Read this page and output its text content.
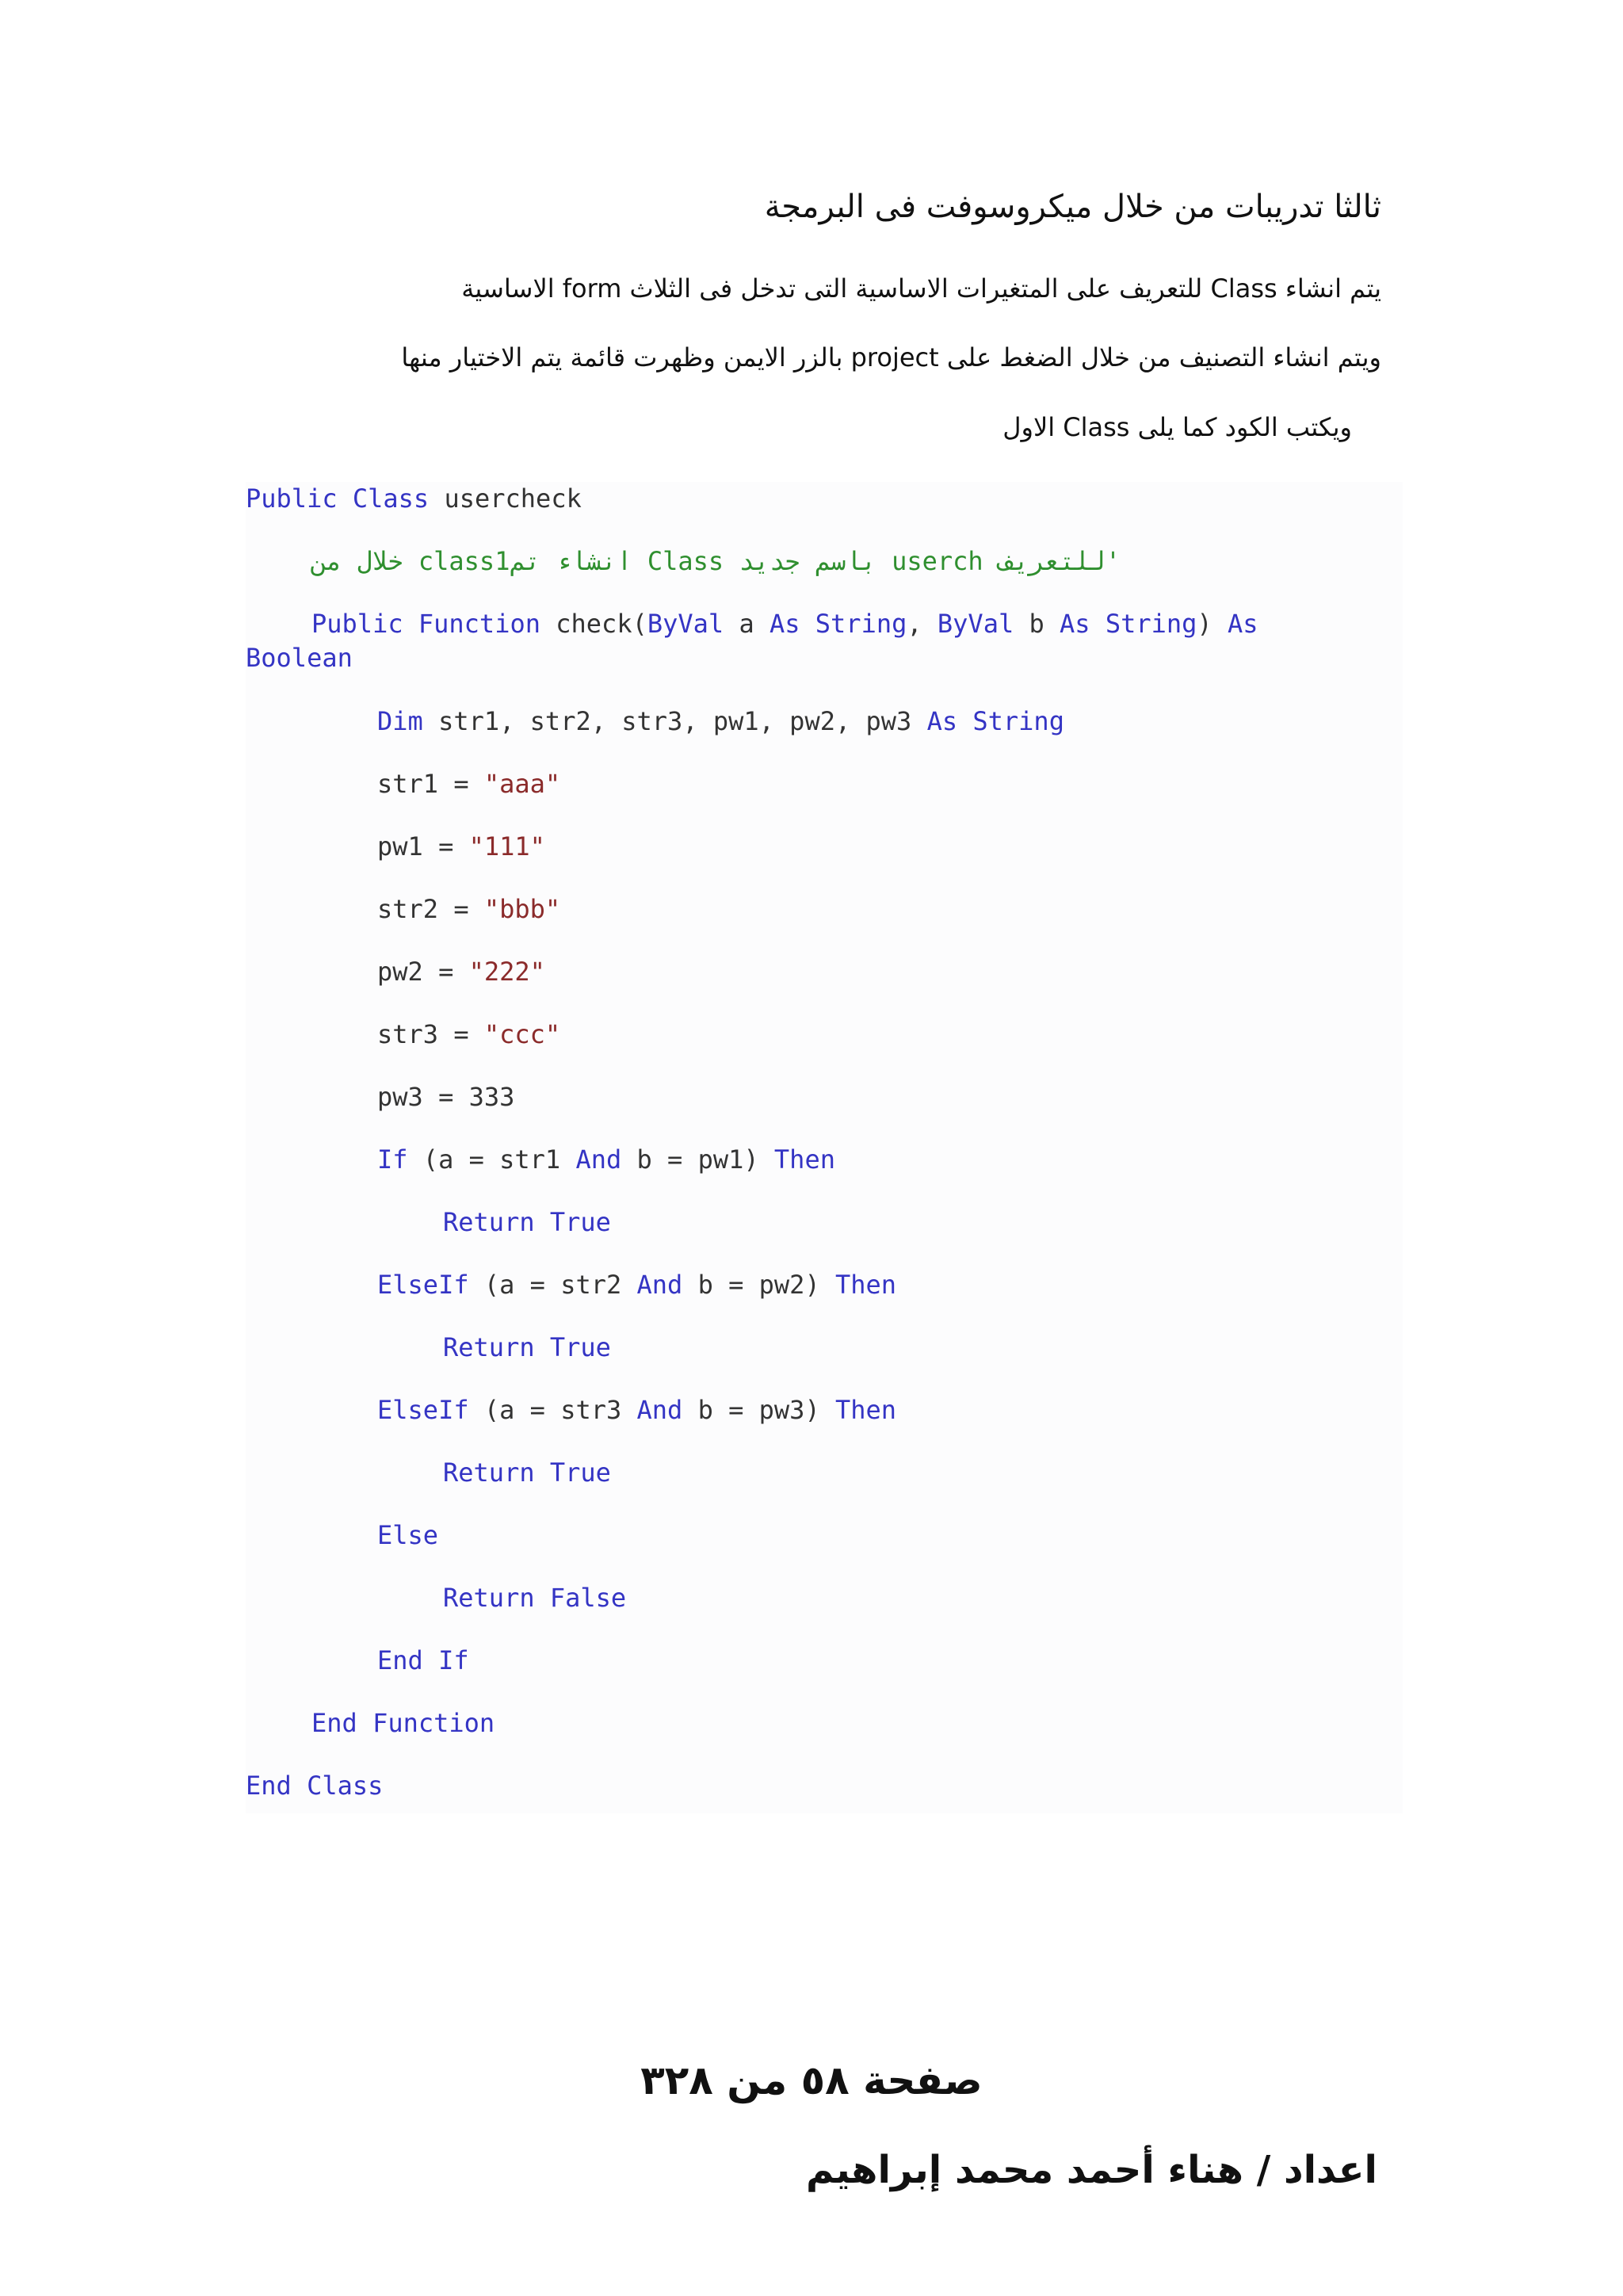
ثالثا تدريبات من خلال ميكروسوفت فى البرمجة
يتم انشاء Class للتعريف على المتغيرات الاساسية التى تدخل فى الثلاث form الاساسية
ويتم انشاء التصنيف من خلال الضغط على project بالزر الايمن وظهرت قائمة يتم الاختيار منها
ويكتب الكود كما يلى Class الاول
Public Class usercheck
'للتعريف userch باسم جديد Class انشاء تمclass1 خلال من
Public Function check(ByVal a As String, ByVal b As String) As
Boolean
Dim str1, str2, str3, pw1, pw2, pw3 As String
str1 = "aaa"
pw1 = "111"
str2 = "bbb"
pw2 = "222"
str3 = "ccc"
pw3 = 333
If (a = str1 And b = pw1) Then
Return True
ElseIf (a = str2 And b = pw2) Then
Return True
ElseIf (a = str3 And b = pw3) Then
Return True
Else
Return False
End If
End Function
End Class
صفحة ٥٨ من ٣٢٨
اعداد / هناء أحمد محمد إبراهيم
